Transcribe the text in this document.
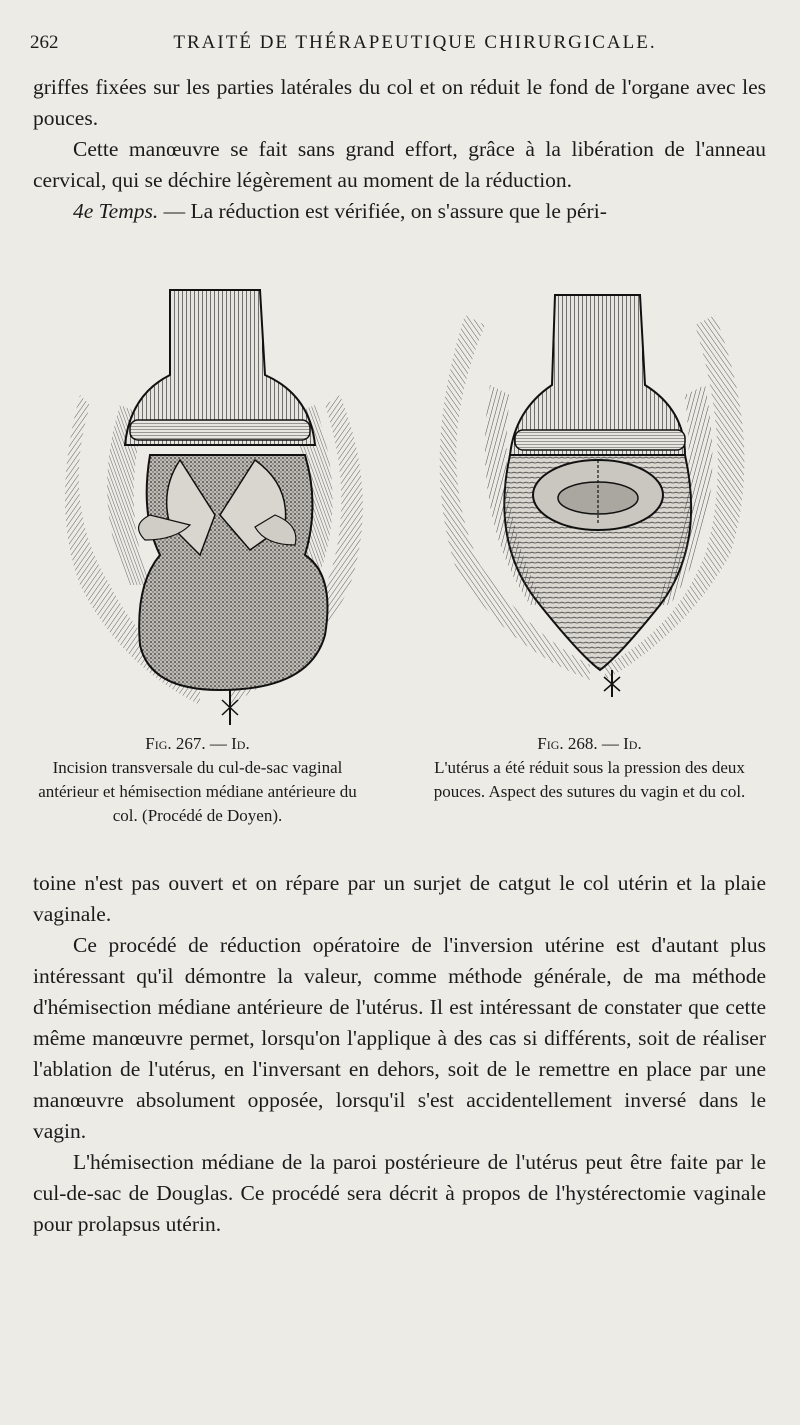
262	TRAITÉ DE THÉRAPEUTIQUE CHIRURGICALE.

griffes fixées sur les parties latérales du col et on réduit le fond de l'organe avec les pouces.

Cette manœuvre se fait sans grand effort, grâce à la libération de l'anneau cervical, qui se déchire légèrement au moment de la réduction.

4e Temps. — La réduction est vérifiée, on s'assure que le péri-

Fig. 267. — Id.
Incision transversale du cul-de-sac vaginal antérieur et hémisection médiane antérieure du col. (Procédé de Doyen).
Fig. 268. — Id.
L'utérus a été réduit sous la pression des deux pouces. Aspect des sutures du vagin et du col.

toine n'est pas ouvert et on répare par un surjet de catgut le col utérin et la plaie vaginale.

Ce procédé de réduction opératoire de l'inversion utérine est d'autant plus intéressant qu'il démontre la valeur, comme méthode générale, de ma méthode d'hémisection médiane antérieure de l'utérus. Il est intéressant de constater que cette même manœuvre permet, lorsqu'on l'applique à des cas si différents, soit de réaliser l'ablation de l'utérus, en l'inversant en dehors, soit de le remettre en place par une manœuvre absolument opposée, lorsqu'il s'est accidentellement inversé dans le vagin.

L'hémisection médiane de la paroi postérieure de l'utérus peut être faite par le cul-de-sac de Douglas. Ce procédé sera décrit à propos de l'hystérectomie vaginale pour prolapsus utérin.
